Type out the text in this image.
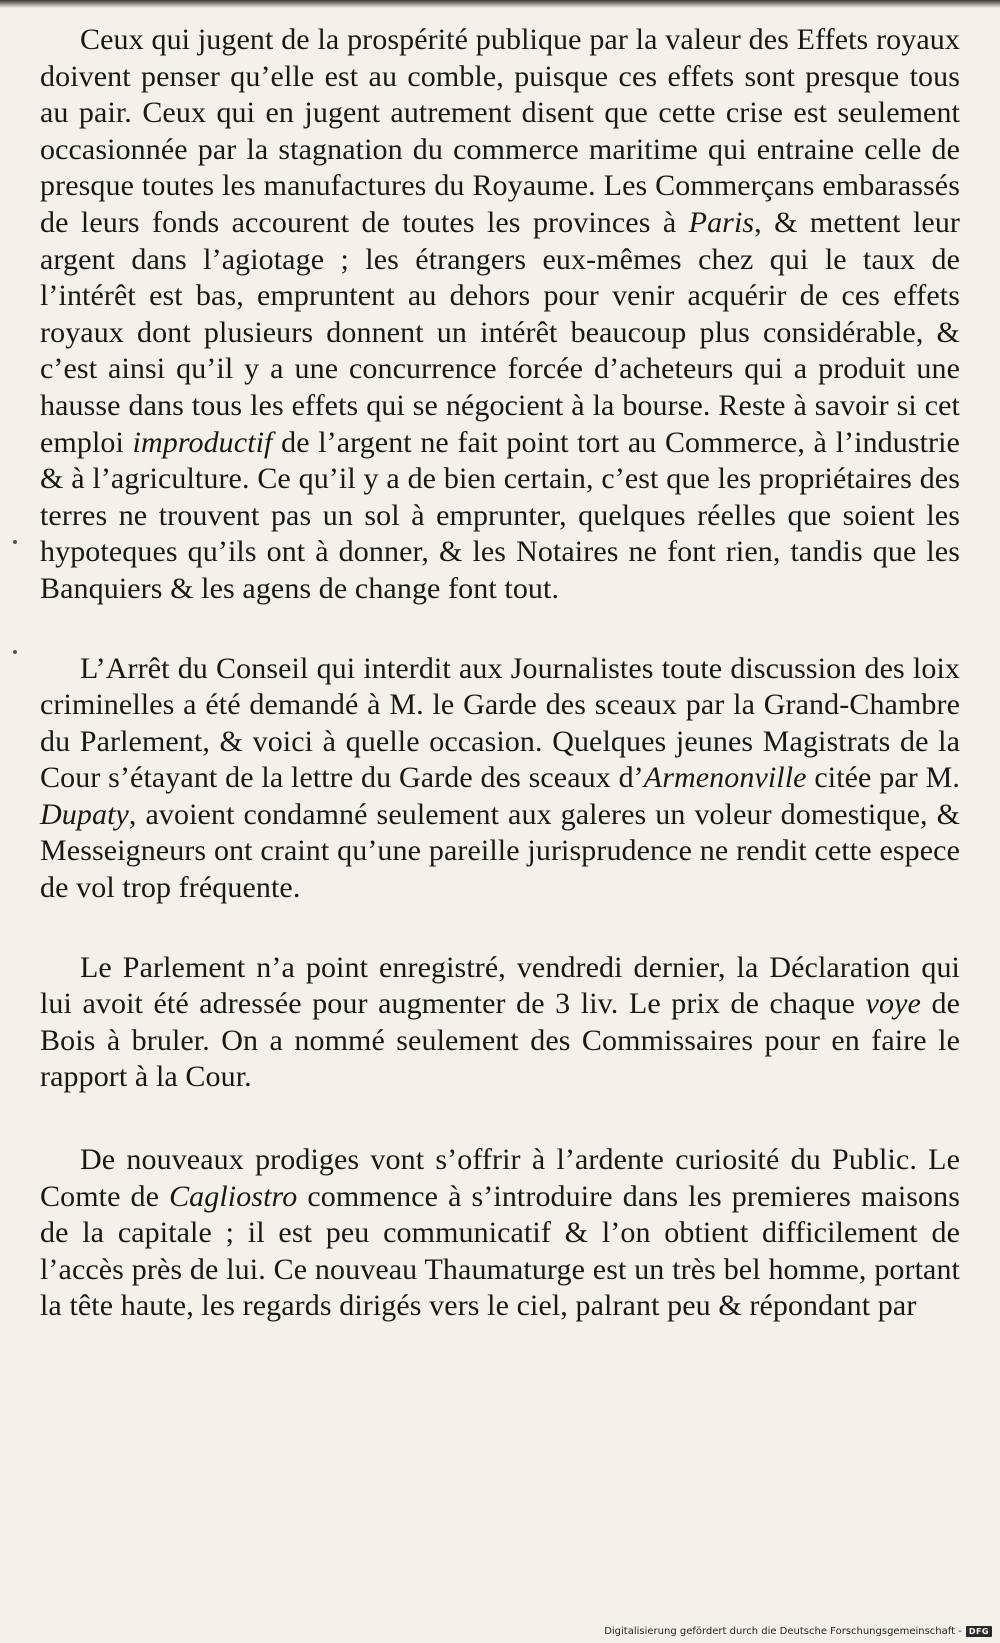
Ceux qui jugent de la prospérité publique par la valeur des Effets royaux doivent penser qu’elle est au comble, puisque ces effets sont presque tous au pair. Ceux qui en jugent autrement disent que cette crise est seulement occasionnée par la stagnation du commerce maritime qui entraine celle de presque toutes les manufactures du Royaume. Les Commerçans embarassés de leurs fonds accourent de toutes les provinces à Paris, & mettent leur argent dans l’agiotage ; les étrangers eux-mêmes chez qui le taux de l’intérêt est bas, empruntent au dehors pour venir acquérir de ces effets royaux dont plusieurs donnent un intérêt beaucoup plus considérable, & c’est ainsi qu’il y a une concurrence forcée d’acheteurs qui a produit une hausse dans tous les effets qui se négocient à la bourse. Reste à savoir si cet emploi improductif de l’argent ne fait point tort au Commerce, à l’industrie & à l’agriculture. Ce qu’il y a de bien certain, c’est que les propriétaires des terres ne trouvent pas un sol à emprunter, quelques réelles que soient les hypoteques qu’ils ont à donner, & les Notaires ne font rien, tandis que les Banquiers & les agens de change font tout.

L’Arrêt du Conseil qui interdit aux Journalistes toute discussion des loix criminelles a été demandé à M. le Garde des sceaux par la Grand-Chambre du Parlement, & voici à quelle occasion. Quelques jeunes Magistrats de la Cour s’étayant de la lettre du Garde des sceaux d’Armenonville citée par M. Dupaty, avoient condamné seulement aux galeres un voleur domestique, & Messeigneurs ont craint qu’une pareille jurisprudence ne rendit cette espece de vol trop fréquente.

Le Parlement n’a point enregistré, vendredi dernier, la Déclaration qui lui avoit été adressée pour augmenter de 3 liv. Le prix de chaque voye de Bois à bruler. On a nommé seulement des Commissaires pour en faire le rapport à la Cour.

De nouveaux prodiges vont s’offrir à l’ardente curiosité du Public. Le Comte de Cagliostro commence à s’introduire dans les premieres maisons de la capitale ; il est peu communicatif & l’on obtient difficilement de l’accès près de lui. Ce nouveau Thaumaturge est un très bel homme, portant la tête haute, les regards dirigés vers le ciel, palrant peu & répondant par

Digitalisierung gefördert durch die Deutsche Forschungsgemeinschaft - DFG
